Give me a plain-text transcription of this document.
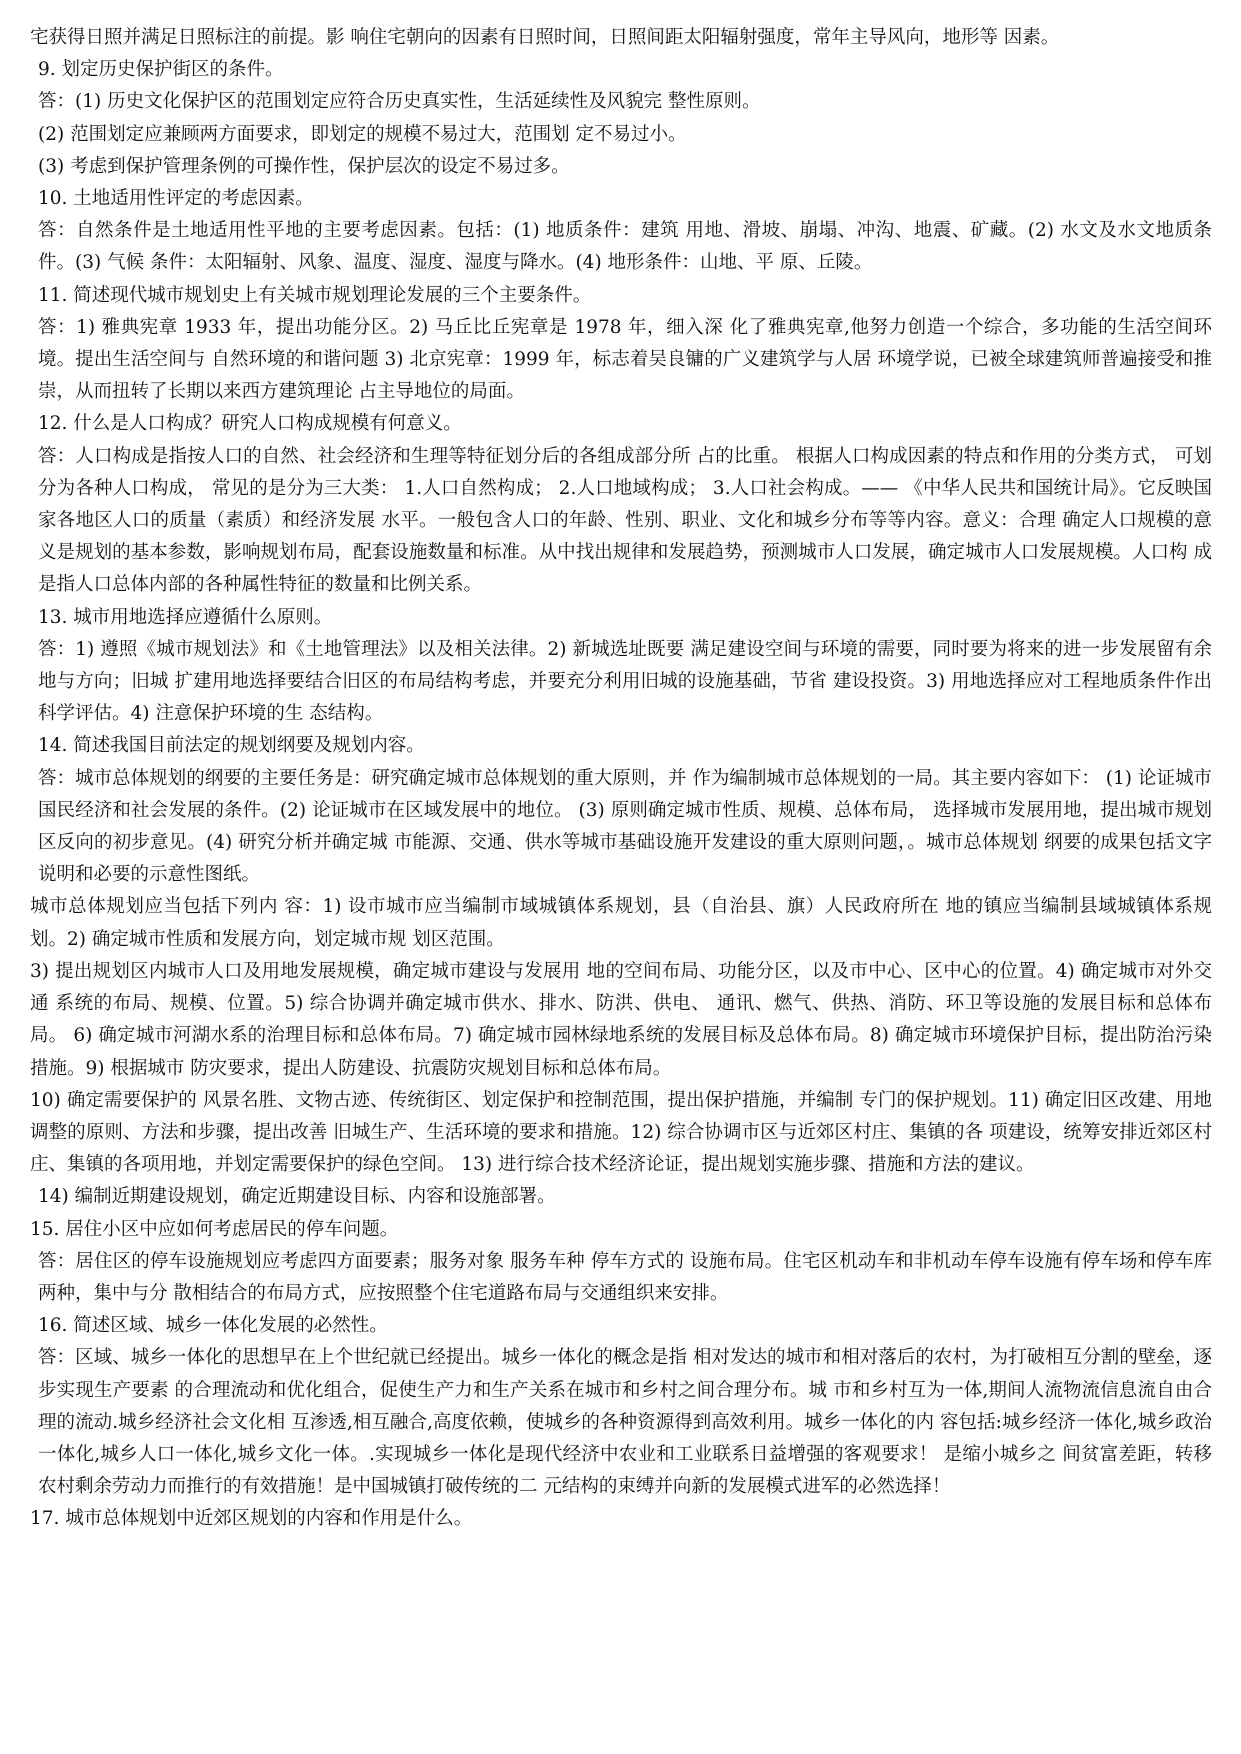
宅获得日照并满足日照标注的前提。影 响住宅朝向的因素有日照时间，日照间距太阳辐射强度，常年主导风向，地形等 因素。

9. 划定历史保护街区的条件。

答：(1) 历史文化保护区的范围划定应符合历史真实性，生活延续性及风貌完 整性原则。

(2) 范围划定应兼顾两方面要求，即划定的规模不易过大，范围划 定不易过小。

(3) 考虑到保护管理条例的可操作性，保护层次的设定不易过多。

10. 土地适用性评定的考虑因素。

答：自然条件是土地适用性平地的主要考虑因素。包括：(1) 地质条件：建筑 用地、滑坡、崩塌、冲沟、地震、矿藏。(2) 水文及水文地质条件。(3) 气候 条件：太阳辐射、风象、温度、湿度、湿度与降水。(4) 地形条件：山地、平 原、丘陵。

11. 简述现代城市规划史上有关城市规划理论发展的三个主要条件。

答：1) 雅典宪章 1933 年，提出功能分区。2) 马丘比丘宪章是 1978 年，细入深 化了雅典宪章,他努力创造一个综合，多功能的生活空间环境。提出生活空间与 自然环境的和谐问题 3) 北京宪章：1999 年，标志着吴良镛的广义建筑学与人居 环境学说，已被全球建筑师普遍接受和推崇，从而扭转了长期以来西方建筑理论 占主导地位的局面。

12. 什么是人口构成？研究人口构成规模有何意义。

答：人口构成是指按人口的自然、社会经济和生理等特征划分后的各组成部分所 占的比重。 根据人口构成因素的特点和作用的分类方式， 可划分为各种人口构成， 常见的是分为三大类： 1.人口自然构成； 2.人口地域构成； 3.人口社会构成。—— 《中华人民共和国统计局》。它反映国家各地区人口的质量（素质）和经济发展 水平。一般包含人口的年龄、性别、职业、文化和城乡分布等等内容。意义：合理 确定人口规模的意义是规划的基本参数，影响规划布局，配套设施数量和标准。从中找出规律和发展趋势，预测城市人口发展，确定城市人口发展规模。人口构 成是指人口总体内部的各种属性特征的数量和比例关系。

13. 城市用地选择应遵循什么原则。

答：1) 遵照《城市规划法》和《土地管理法》以及相关法律。2) 新城选址既要 满足建设空间与环境的需要，同时要为将来的进一步发展留有余地与方向；旧城 扩建用地选择要结合旧区的布局结构考虑，并要充分利用旧城的设施基础，节省 建设投资。3) 用地选择应对工程地质条件作出科学评估。4) 注意保护环境的生 态结构。

14. 简述我国目前法定的规划纲要及规划内容。

答：城市总体规划的纲要的主要任务是：研究确定城市总体规划的重大原则，并 作为编制城市总体规划的一局。其主要内容如下： (1) 论证城市国民经济和社会发展的条件。(2) 论证城市在区域发展中的地位。 (3) 原则确定城市性质、规模、总体布局， 选择城市发展用地，提出城市规划区反向的初步意见。(4) 研究分析并确定城 市能源、交通、供水等城市基础设施开发建设的重大原则问题，。城市总体规划 纲要的成果包括文字说明和必要的示意性图纸。

城市总体规划应当包括下列内 容：1) 设市城市应当编制市域城镇体系规划，县（自治县、旗）人民政府所在 地的镇应当编制县域城镇体系规划。2) 确定城市性质和发展方向，划定城市规 划区范围。

3) 提出规划区内城市人口及用地发展规模，确定城市建设与发展用 地的空间布局、功能分区，以及市中心、区中心的位置。4) 确定城市对外交通 系统的布局、规模、位置。5) 综合协调并确定城市供水、排水、防洪、供电、 通讯、燃气、供热、消防、环卫等设施的发展目标和总体布局。 6) 确定城市河湖水系的治理目标和总体布局。7) 确定城市园林绿地系统的发展目标及总体布局。8) 确定城市环境保护目标，提出防治污染措施。9) 根据城市 防灾要求，提出人防建设、抗震防灾规划目标和总体布局。

10) 确定需要保护的 风景名胜、文物古迹、传统街区、划定保护和控制范围，提出保护措施，并编制 专门的保护规划。11) 确定旧区改建、用地调整的原则、方法和步骤，提出改善 旧城生产、生活环境的要求和措施。12) 综合协调市区与近郊区村庄、集镇的各 项建设，统筹安排近郊区村庄、集镇的各项用地，并划定需要保护的绿色空间。 13) 进行综合技术经济论证，提出规划实施步骤、措施和方法的建议。

14) 编制近期建设规划，确定近期建设目标、内容和设施部署。

15. 居住小区中应如何考虑居民的停车问题。

答：居住区的停车设施规划应考虑四方面要素；服务对象 服务车种 停车方式的 设施布局。住宅区机动车和非机动车停车设施有停车场和停车库两种，集中与分 散相结合的布局方式，应按照整个住宅道路布局与交通组织来安排。

16. 简述区域、城乡一体化发展的必然性。

答：区域、城乡一体化的思想早在上个世纪就已经提出。城乡一体化的概念是指 相对发达的城市和相对落后的农村，为打破相互分割的壁垒，逐步实现生产要素 的合理流动和优化组合，促使生产力和生产关系在城市和乡村之间合理分布。城 市和乡村互为一体,期间人流物流信息流自由合理的流动.城乡经济社会文化相 互渗透,相互融合,高度依赖，使城乡的各种资源得到高效利用。城乡一体化的内 容包括:城乡经济一体化,城乡政治一体化,城乡人口一体化,城乡文化一体。.实现城乡一体化是现代经济中农业和工业联系日益增强的客观要求！ 是缩小城乡之 间贫富差距，转移农村剩余劳动力而推行的有效措施！是中国城镇打破传统的二 元结构的束缚并向新的发展模式进军的必然选择！

17. 城市总体规划中近郊区规划的内容和作用是什么。
